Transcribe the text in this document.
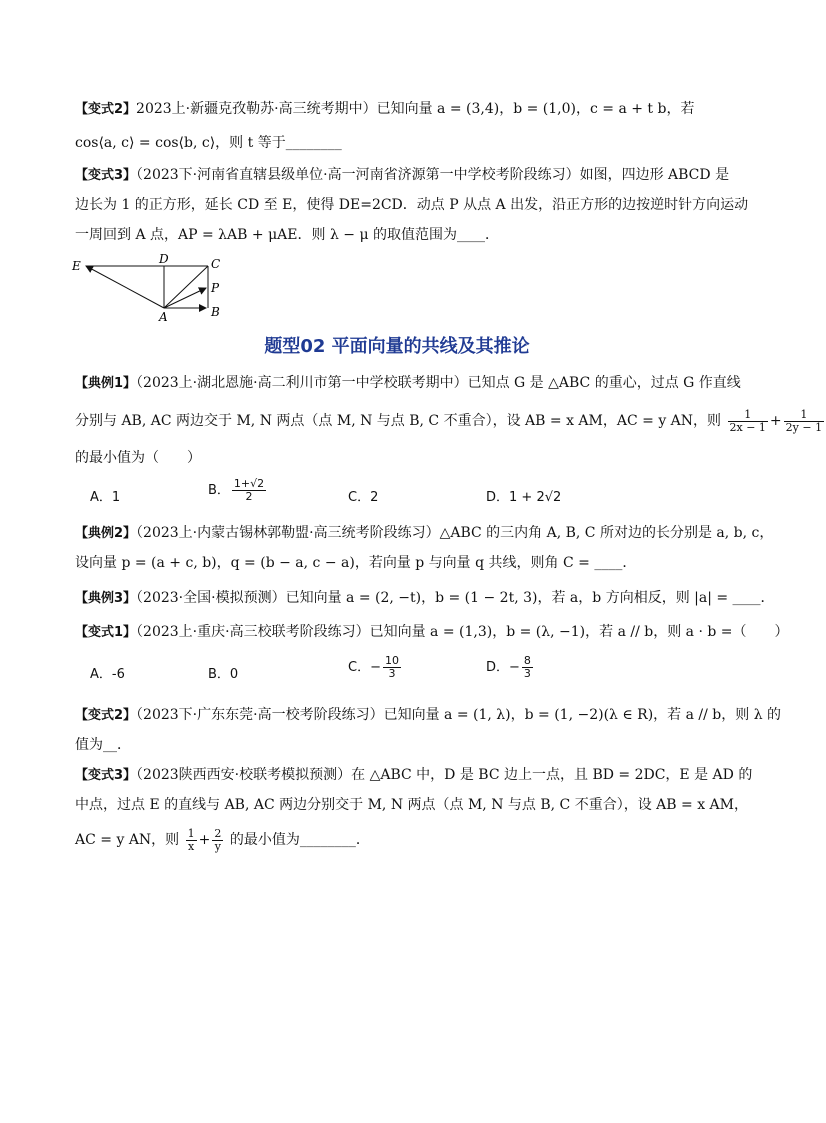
【变式2】2023上·新疆克孜勒苏·高三统考期中）已知向量 a = (3,4)，b = (1,0)，c = a + t b，若
cos⟨a, c⟩ = cos⟨b, c⟩，则 t 等于________
【变式3】（2023下·河南省直辖县级单位·高一河南省济源第一中学校考阶段练习）如图，四边形 ABCD 是
边长为 1 的正方形，延长 CD 至 E，使得 DE=2CD．动点 P 从点 A 出发，沿正方形的边按逆时针方向运动
一周回到 A 点，AP = λAB + μAE．则 λ − μ 的取值范围为____．
E	D	C
P
A	B
题型02 平面向量的共线及其推论
【典例1】（2023上·湖北恩施·高二利川市第一中学校联考期中）已知点 G 是 △ABC 的重心，过点 G 作直线
分别与 AB, AC 两边交于 M, N 两点（点 M, N 与点 B, C 不重合），设 AB = x AM，AC = y AN，则 $\frac{1}{2x - 1} + \frac{1}{2y - 1}$
的最小值为（　　）
A．1	B． $\frac{1+√2}{2}$	C．2	D．1 + 2√2
【典例2】（2023上·内蒙古锡林郭勒盟·高三统考阶段练习）△ABC 的三内角 A, B, C 所对边的长分别是 a, b, c，
设向量 p = (a + c, b)，q = (b − a, c − a)，若向量 p 与向量 q 共线，则角 C = ____．
【典例3】（2023·全国·模拟预测）已知向量 a = (2, −t)，b = (1 − 2t, 3)，若 a，b 方向相反，则 |a| = ____．
【变式1】（2023上·重庆·高三校联考阶段练习）已知向量 a = (1,3)，b = (λ, −1)，若 a // b，则 a · b =（　　）
A．-6	B．0	C．− $\frac{10}{3}$	D．− $\frac{8}{3}$
【变式2】（2023下·广东东莞·高一校考阶段练习）已知向量 a = (1, λ)，b = (1, −2)(λ ∈ R)，若 a // b，则 λ 的
值为__．
【变式3】（2023陕西西安·校联考模拟预测）在 △ABC 中，D 是 BC 边上一点，且 BD = 2DC，E 是 AD 的
中点，过点 E 的直线与 AB, AC 两边分别交于 M, N 两点（点 M, N 与点 B, C 不重合），设 AB = x AM，
AC = y AN，则 $\frac{1}{x} + \frac{2}{y}$ 的最小值为________．
